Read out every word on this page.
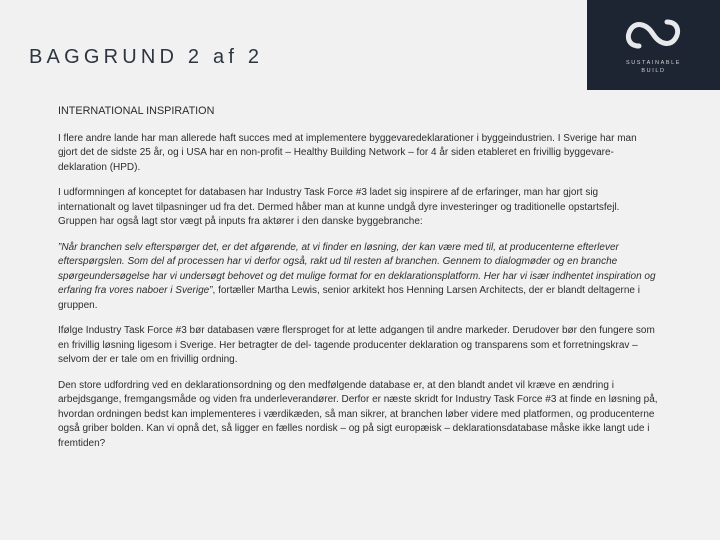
BAGGRUND 2 af 2	SUSTAINABLE
BUILD
INTERNATIONAL INSPIRATION

I flere andre lande har man allerede haft succes med at implementere byggevaredeklarationer i byggeindustrien. I Sverige har man gjort det de sidste 25 år, og i USA har en non-profit – Healthy Building Network – for 4 år siden etableret en frivillig byggevare- deklaration (HPD).

I udformningen af konceptet for databasen har Industry Task Force #3 ladet sig inspirere af de erfaringer, man har gjort sig internationalt og lavet tilpasninger ud fra det. Dermed håber man at kunne undgå dyre investeringer og traditionelle opstartsfejl. Gruppen har også lagt stor vægt på inputs fra aktører i den danske byggebranche:

”Når branchen selv efterspørger det, er det afgørende, at vi finder en løsning, der kan være med til, at producenterne efterlever efterspørgslen. Som del af processen har vi derfor også, rakt ud til resten af branchen. Gennem to dialogmøder og en branche spørgeundersøgelse har vi undersøgt behovet og det mulige format for en deklarationsplatform. Her har vi især indhentet inspiration og erfaring fra vores naboer i Sverige”, fortæller Martha Lewis, senior arkitekt hos Henning Larsen Architects, der er blandt deltagerne i gruppen.

Ifølge Industry Task Force #3 bør databasen være flersproget for at lette adgangen til andre markeder. Derudover bør den fungere som en frivillig løsning ligesom i Sverige. Her betragter de del- tagende producenter deklaration og transparens som et forretningskrav – selvom der er tale om en frivillig ordning.

Den store udfordring ved en deklarationsordning og den medfølgende database er, at den blandt andet vil kræve en ændring i arbejdsgange, fremgangsmåde og viden fra underleverandører. Derfor er næste skridt for Industry Task Force #3 at finde en løsning på, hvordan ordningen bedst kan implementeres i værdikæden, så man sikrer, at branchen løber videre med platformen, og producenterne også griber bolden. Kan vi opnå det, så ligger en fælles nordisk – og på sigt europæisk – deklarationsdatabase måske ikke langt ude i fremtiden?
